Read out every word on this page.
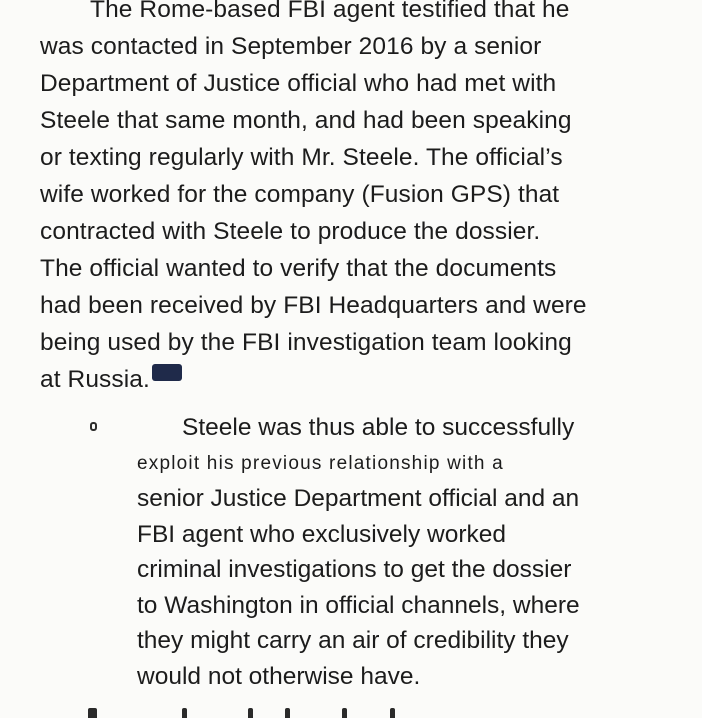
The Rome-based FBI agent testified that he
was contacted in September 2016 by a senior
Department of Justice official who had met with
Steele that same month, and had been speaking
or texting regularly with Mr. Steele. The official’s
wife worked for the company (Fusion GPS) that
contracted with Steele to produce the dossier.
The official wanted to verify that the documents
had been received by FBI Headquarters and were
being used by the FBI investigation team looking
at Russia.
Steele was thus able to successfully
exploit his previous relationship with a
senior Justice Department official and an
FBI agent who exclusively worked
criminal investigations to get the dossier
to Washington in official channels, where
they might carry an air of credibility they
would not otherwise have.
